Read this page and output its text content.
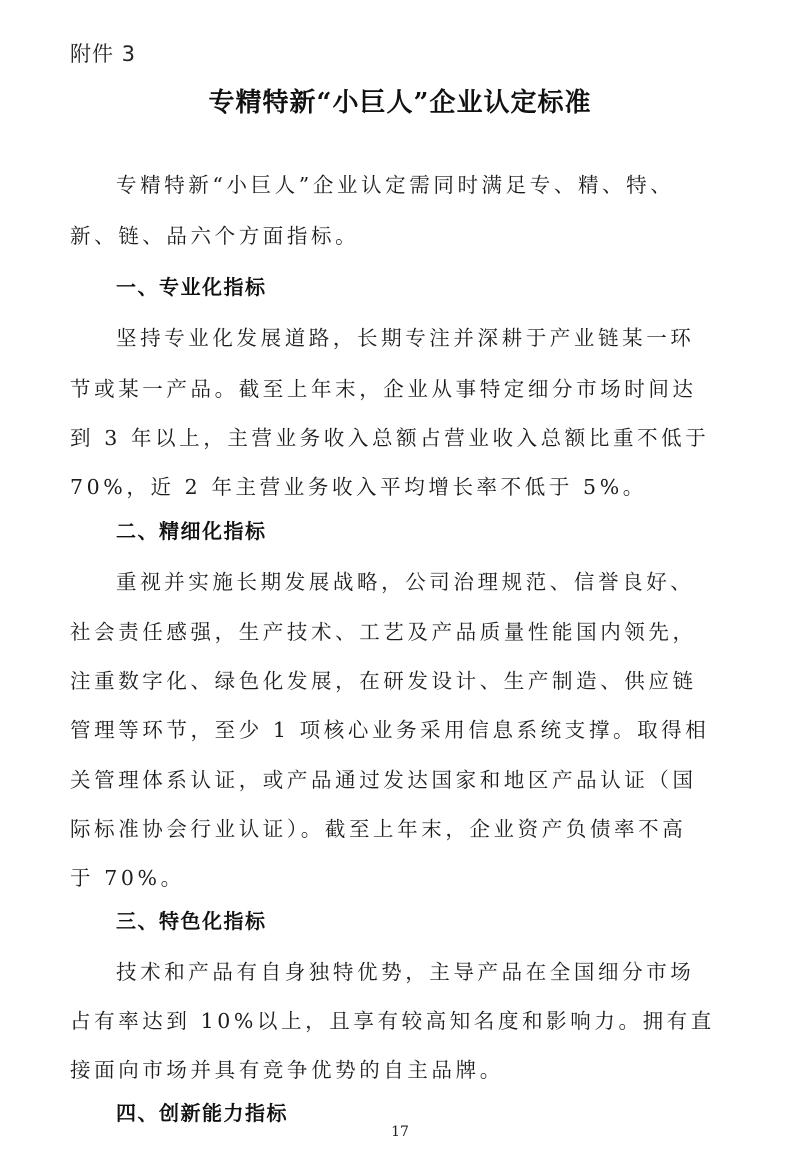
附件 3
专精特新“小巨人”企业认定标准
专精特新“小巨人”企业认定需同时满足专、精、特、
新、链、品六个方面指标。
一、专业化指标
坚持专业化发展道路，长期专注并深耕于产业链某一环
节或某一产品。截至上年末，企业从事特定细分市场时间达
到 3 年以上，主营业务收入总额占营业收入总额比重不低于
70%，近 2 年主营业务收入平均增长率不低于 5%。
二、精细化指标
重视并实施长期发展战略，公司治理规范、信誉良好、
社会责任感强，生产技术、工艺及产品质量性能国内领先，
注重数字化、绿色化发展，在研发设计、生产制造、供应链
管理等环节，至少 1 项核心业务采用信息系统支撑。取得相
关管理体系认证，或产品通过发达国家和地区产品认证（国
际标准协会行业认证）。截至上年末，企业资产负债率不高
于 70%。
三、特色化指标
技术和产品有自身独特优势，主导产品在全国细分市场
占有率达到 10%以上，且享有较高知名度和影响力。拥有直
接面向市场并具有竞争优势的自主品牌。
四、创新能力指标
17
